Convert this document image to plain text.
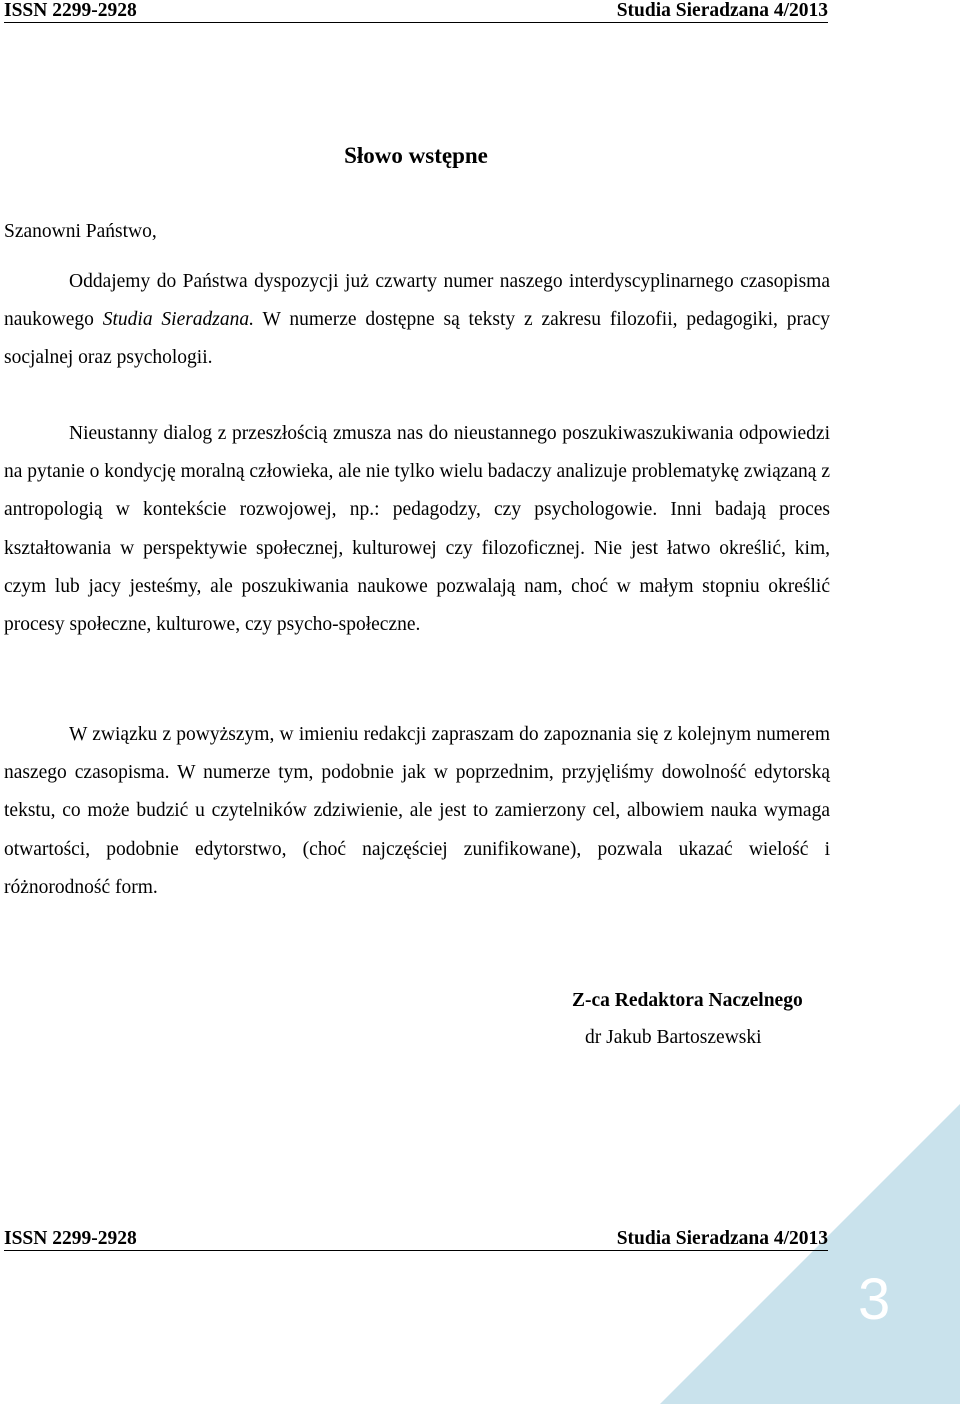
ISSN 2299-2928	Studia Sieradzana 4/2013
Słowo wstępne
Szanowni Państwo,

Oddajemy do Państwa dyspozycji już czwarty numer naszego interdyscyplinarnego czasopisma naukowego Studia Sieradzana. W numerze dostępne są teksty z zakresu filozofii, pedagogiki, pracy socjalnej oraz psychologii.

Nieustanny dialog z przeszłością zmusza nas do nieustannego poszukiwaszukiwania odpowiedzi na pytanie o kondycję moralną człowieka, ale nie tylko wielu badaczy analizuje problematykę związaną z antropologią w kontekście rozwojowej, np.: pedagodzy, czy psychologowie. Inni badają proces kształtowania w perspektywie społecznej, kulturowej czy filozoficznej. Nie jest łatwo określić, kim, czym lub jacy jesteśmy, ale poszukiwania naukowe pozwalają nam, choć w małym stopniu określić procesy społeczne, kulturowe, czy psycho-społeczne.

W związku z powyższym, w imieniu redakcji zapraszam do zapoznania się z kolejnym numerem naszego czasopisma. W numerze tym, podobnie jak w poprzednim, przyjęliśmy dowolność edytorską tekstu, co może budzić u czytelników zdziwienie, ale jest to zamierzony cel, albowiem nauka wymaga otwartości, podobnie edytorstwo, (choć najczęściej zunifikowane), pozwala ukazać wielość i różnorodność form.

Z-ca Redaktora Naczelnego
dr Jakub Bartoszewski
3
ISSN 2299-2928	Studia Sieradzana 4/2013
